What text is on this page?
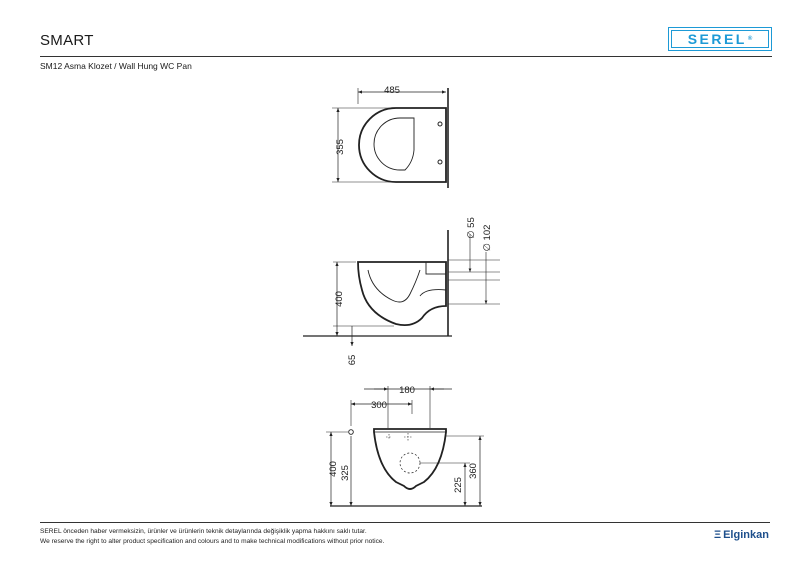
SMART	SEREL ®
SM12 Asma Klozet / Wall Hung WC Pan
485
355
∅ 55 ∅ 102
400
65
180
300
400 325
225
360
SEREL önceden haber vermeksizin, ürünler ve ürünlerin teknik detaylarında değişiklik yapma hakkını saklı tutar.
We reserve the right to alter product specification and colours and to make technical modifications without prior notice.
Ξ Elginkan
